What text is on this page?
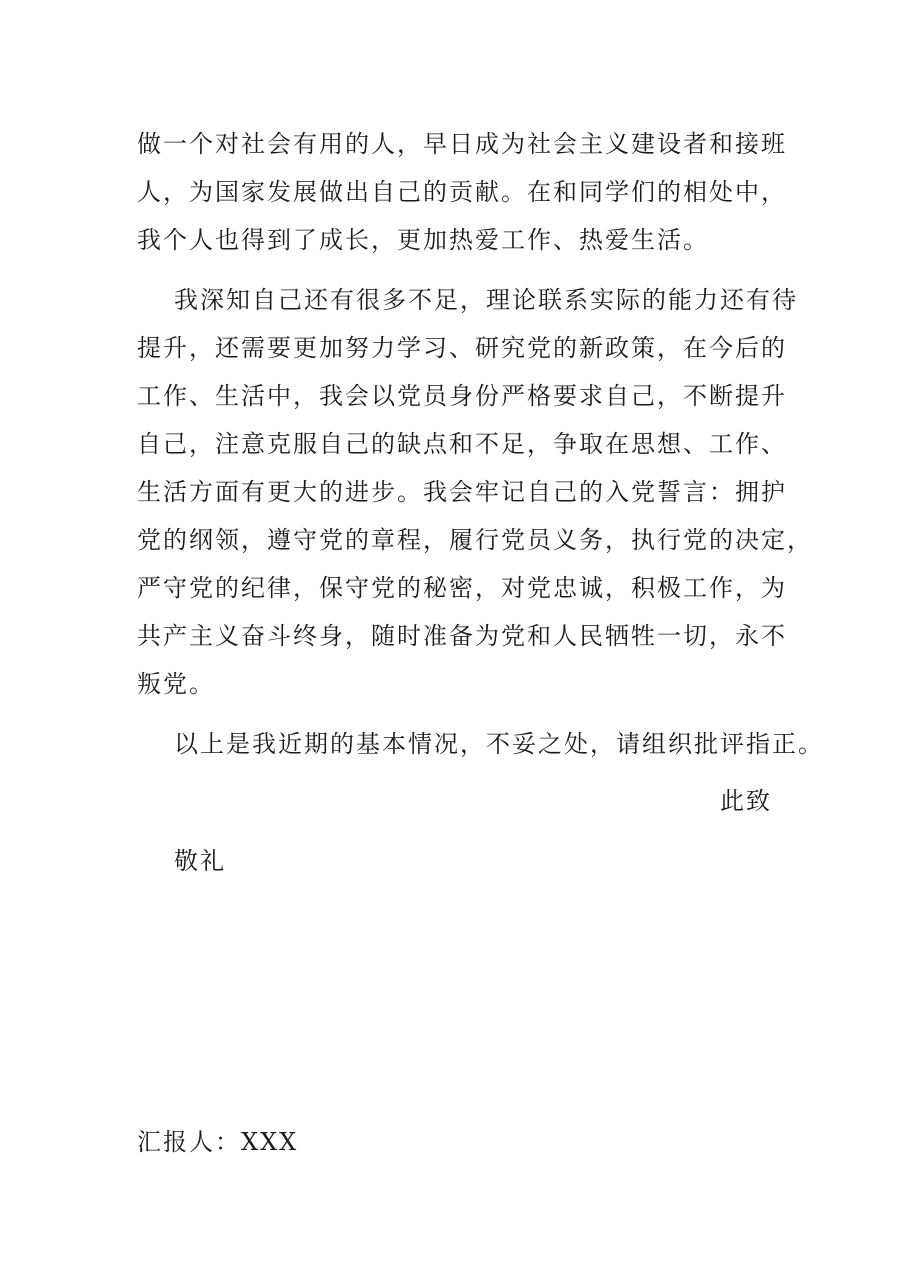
做一个对社会有用的人，早日成为社会主义建设者和接班

人，为国家发展做出自己的贡献。在和同学们的相处中，

我个人也得到了成长，更加热爱工作、热爱生活。

我深知自己还有很多不足，理论联系实际的能力还有待

提升，还需要更加努力学习、研究党的新政策，在今后的

工作、生活中，我会以党员身份严格要求自己，不断提升

自己，注意克服自己的缺点和不足，争取在思想、工作、

生活方面有更大的进步。我会牢记自己的入党誓言：拥护

党的纲领，遵守党的章程，履行党员义务，执行党的决定，

严守党的纪律，保守党的秘密，对党忠诚，积极工作，为

共产主义奋斗终身，随时准备为党和人民牺牲一切，永不

叛党。

以上是我近期的基本情况，不妥之处，请组织批评指正。

此致

敬礼

汇报人：XXX
